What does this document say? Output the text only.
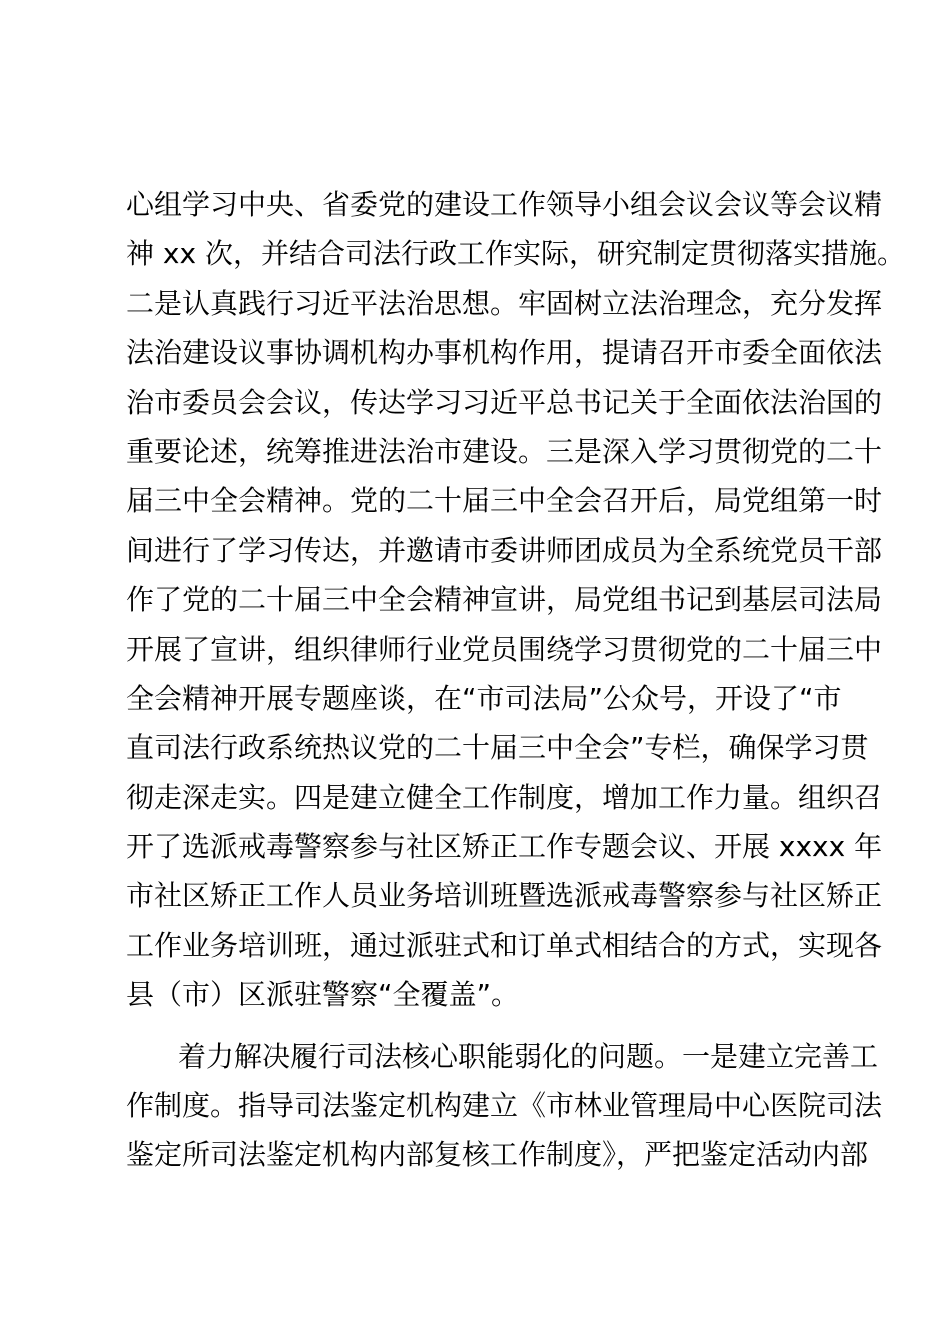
心组学习中央、省委党的建设工作领导小组会议会议等会议精
神 xx 次，并结合司法行政工作实际，研究制定贯彻落实措施。
二是认真践行习近平法治思想。牢固树立法治理念，充分发挥
法治建设议事协调机构办事机构作用，提请召开市委全面依法
治市委员会会议，传达学习习近平总书记关于全面依法治国的
重要论述，统筹推进法治市建设。三是深入学习贯彻党的二十
届三中全会精神。党的二十届三中全会召开后，局党组第一时
间进行了学习传达，并邀请市委讲师团成员为全系统党员干部
作了党的二十届三中全会精神宣讲，局党组书记到基层司法局
开展了宣讲，组织律师行业党员围绕学习贯彻党的二十届三中
全会精神开展专题座谈，在“市司法局”公众号，开设了“市
直司法行政系统热议党的二十届三中全会”专栏，确保学习贯
彻走深走实。四是建立健全工作制度，增加工作力量。组织召
开了选派戒毒警察参与社区矫正工作专题会议、开展 xxxx 年
市社区矫正工作人员业务培训班暨选派戒毒警察参与社区矫正
工作业务培训班，通过派驻式和订单式相结合的方式，实现各
县（市）区派驻警察“全覆盖”。
着力解决履行司法核心职能弱化的问题。一是建立完善工
作制度。指导司法鉴定机构建立《市林业管理局中心医院司法
鉴定所司法鉴定机构内部复核工作制度》，严把鉴定活动内部
